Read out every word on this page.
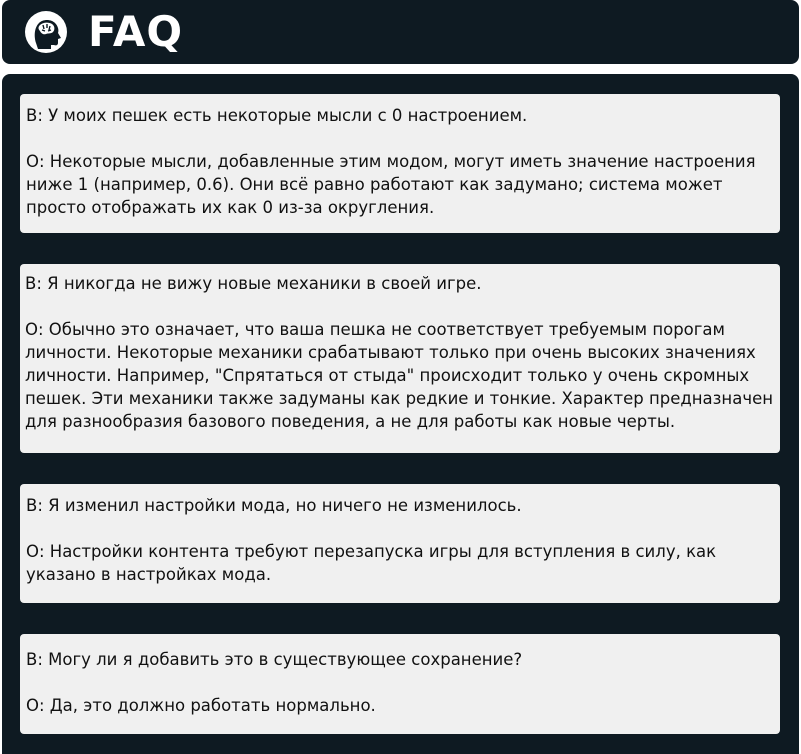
FAQ

В: У моих пешек есть некоторые мысли с 0 настроением.

О: Некоторые мысли, добавленные этим модом, могут иметь значение настроения ниже 1 (например, 0.6). Они всё равно работают как задумано; система может просто отображать их как 0 из-за округления.

В: Я никогда не вижу новые механики в своей игре.

О: Обычно это означает, что ваша пешка не соответствует требуемым порогам личности. Некоторые механики срабатывают только при очень высоких значениях личности. Например, "Спрятаться от стыда" происходит только у очень скромных пешек. Эти механики также задуманы как редкие и тонкие. Характер предназначен для разнообразия базового поведения, а не для работы как новые черты.

В: Я изменил настройки мода, но ничего не изменилось.

О: Настройки контента требуют перезапуска игры для вступления в силу, как указано в настройках мода.

В: Могу ли я добавить это в существующее сохранение?

О: Да, это должно работать нормально.
